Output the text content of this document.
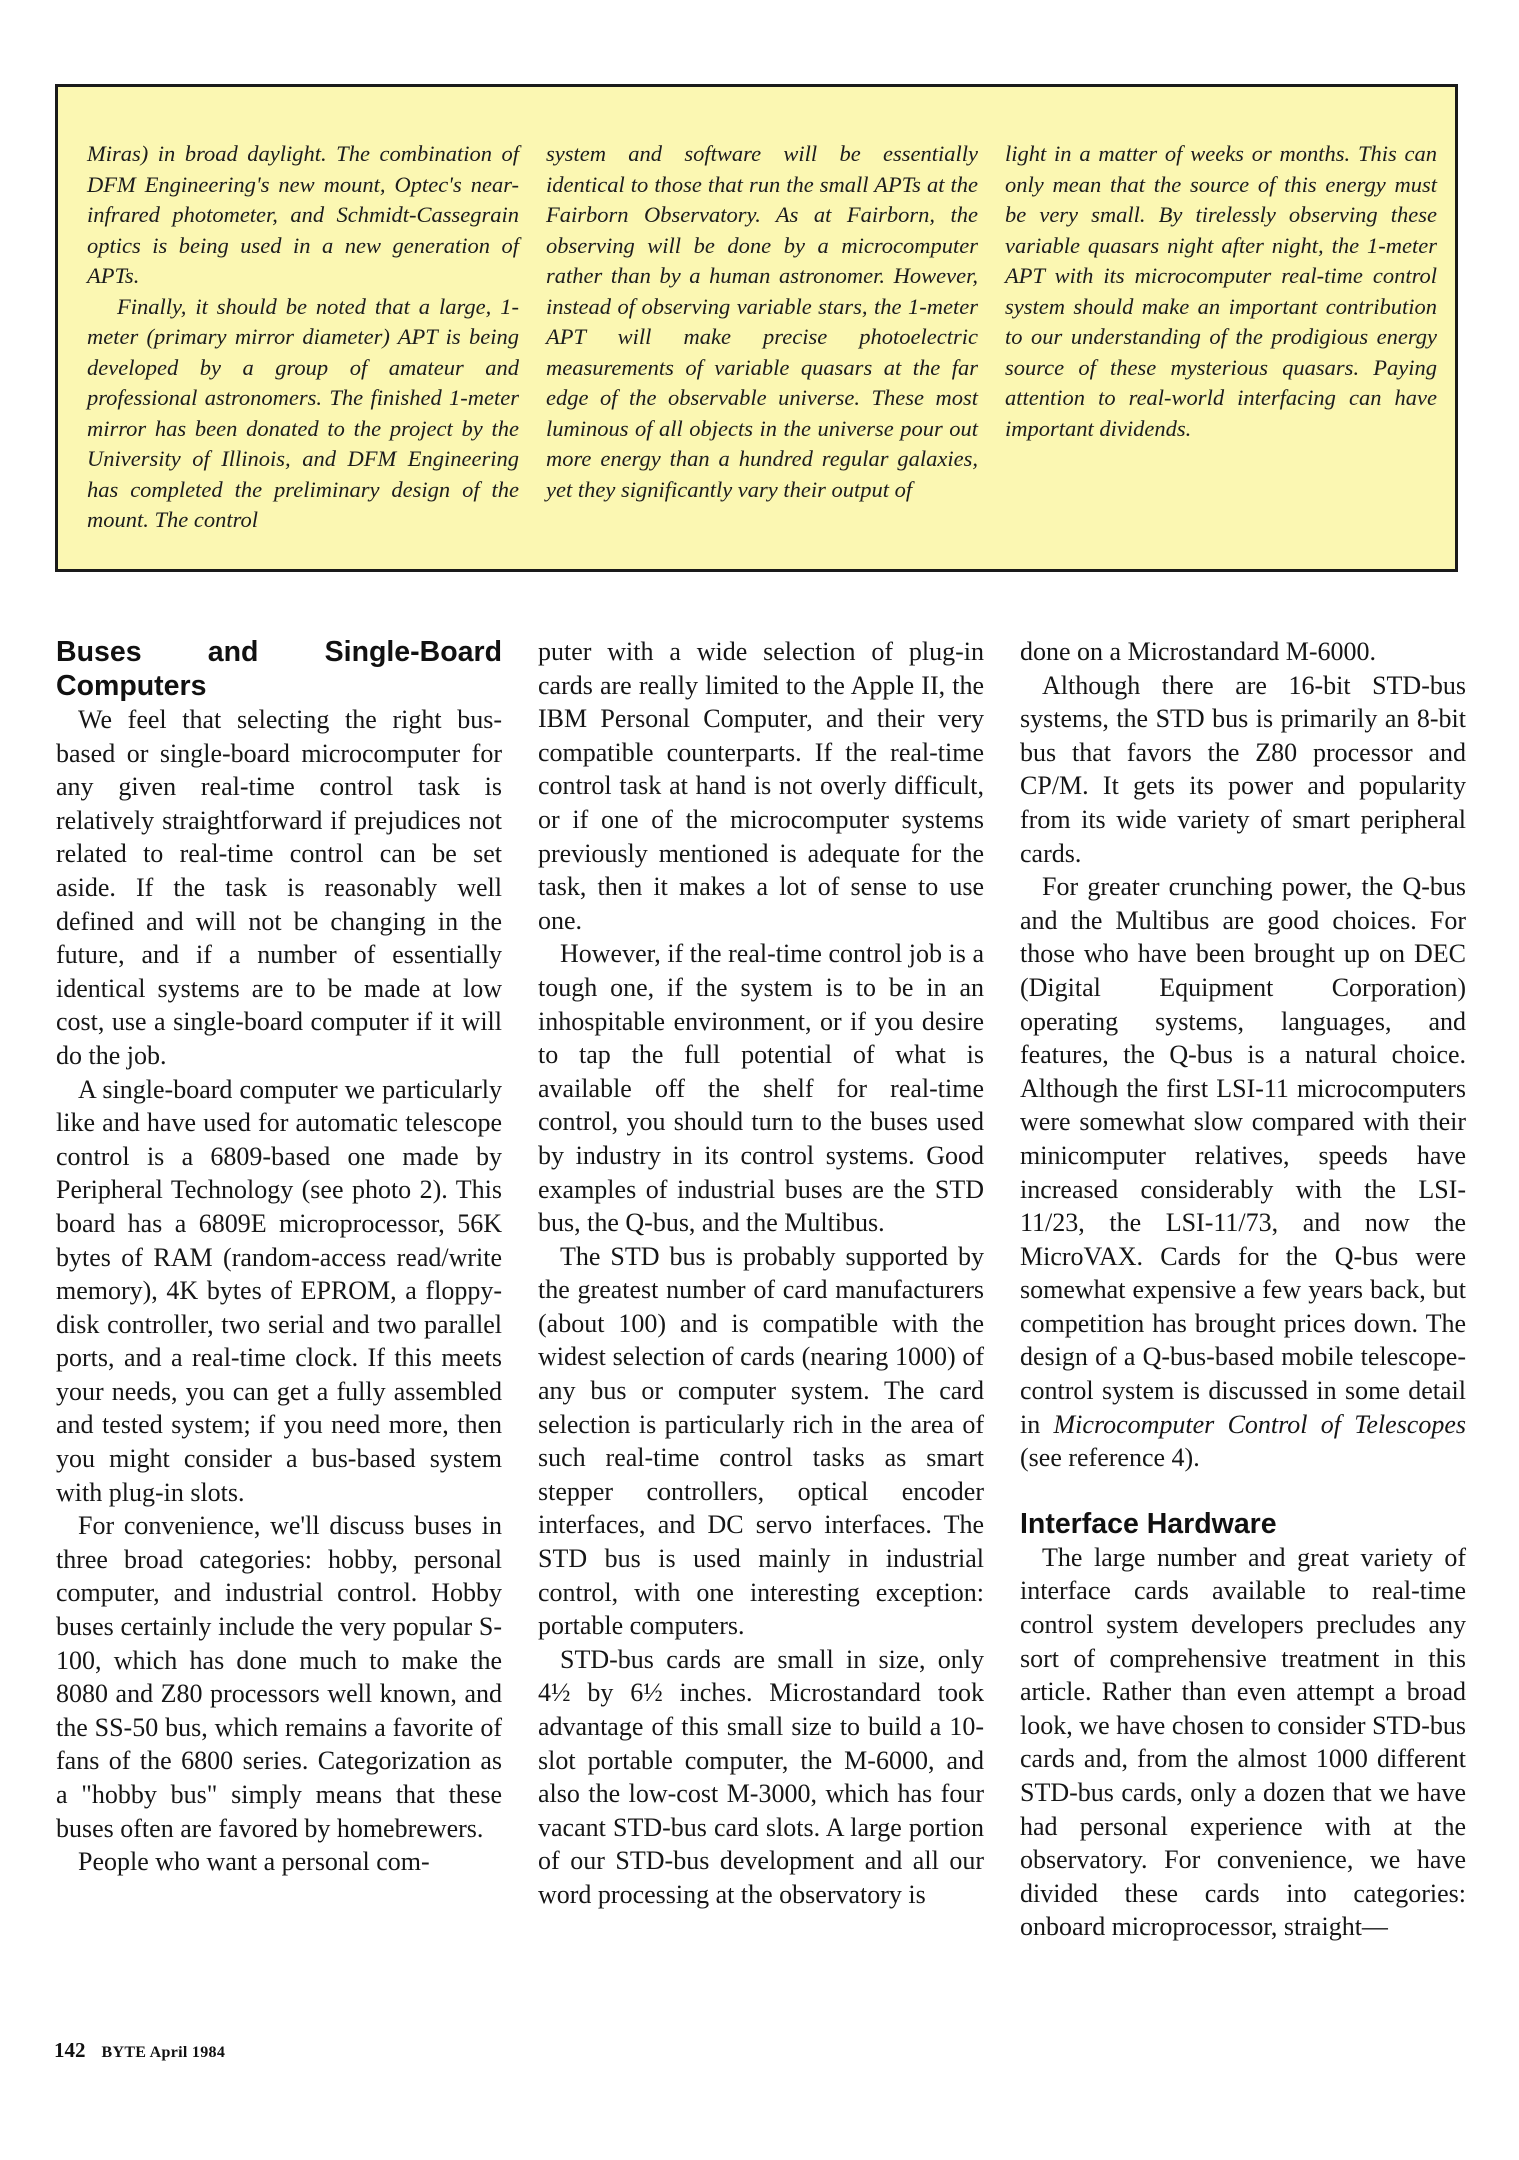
Miras) in broad daylight. The combination of DFM Engineering's new mount, Optec's near-infrared photometer, and Schmidt-Cassegrain optics is being used in a new generation of APTs.

Finally, it should be noted that a large, 1-meter (primary mirror diameter) APT is being developed by a group of amateur and professional astronomers. The finished 1-meter mirror has been donated to the project by the University of Illinois, and DFM Engineering has completed the preliminary design of the mount. The control

system and software will be essentially identical to those that run the small APTs at the Fairborn Observatory. As at Fairborn, the observing will be done by a microcomputer rather than by a human astronomer. However, instead of observing variable stars, the 1-meter APT will make precise photoelectric measurements of variable quasars at the far edge of the observable universe. These most luminous of all objects in the universe pour out more energy than a hundred regular galaxies, yet they significantly vary their output of

light in a matter of weeks or months. This can only mean that the source of this energy must be very small. By tirelessly observing these variable quasars night after night, the 1-meter APT with its microcomputer real-time control system should make an important contribution to our understanding of the prodigious energy source of these mysterious quasars. Paying attention to real-world interfacing can have important dividends.

Buses and Single-Board Computers

We feel that selecting the right bus-based or single-board microcomputer for any given real-time control task is relatively straightforward if prejudices not related to real-time control can be set aside. If the task is reasonably well defined and will not be changing in the future, and if a number of essentially identical systems are to be made at low cost, use a single-board computer if it will do the job.

A single-board computer we particularly like and have used for automatic telescope control is a 6809-based one made by Peripheral Technology (see photo 2). This board has a 6809E microprocessor, 56K bytes of RAM (random-access read/write memory), 4K bytes of EPROM, a floppy-disk controller, two serial and two parallel ports, and a real-time clock. If this meets your needs, you can get a fully assembled and tested system; if you need more, then you might consider a bus-based system with plug-in slots.

For convenience, we'll discuss buses in three broad categories: hobby, personal computer, and industrial control. Hobby buses certainly include the very popular S-100, which has done much to make the 8080 and Z80 processors well known, and the SS-50 bus, which remains a favorite of fans of the 6800 series. Categorization as a "hobby bus" simply means that these buses often are favored by homebrewers.

People who want a personal com-

puter with a wide selection of plug-in cards are really limited to the Apple II, the IBM Personal Computer, and their very compatible counterparts. If the real-time control task at hand is not overly difficult, or if one of the microcomputer systems previously mentioned is adequate for the task, then it makes a lot of sense to use one.

However, if the real-time control job is a tough one, if the system is to be in an inhospitable environment, or if you desire to tap the full potential of what is available off the shelf for real-time control, you should turn to the buses used by industry in its control systems. Good examples of industrial buses are the STD bus, the Q-bus, and the Multibus.

The STD bus is probably supported by the greatest number of card manufacturers (about 100) and is compatible with the widest selection of cards (nearing 1000) of any bus or computer system. The card selection is particularly rich in the area of such real-time control tasks as smart stepper controllers, optical encoder interfaces, and DC servo interfaces. The STD bus is used mainly in industrial control, with one interesting exception: portable computers.

STD-bus cards are small in size, only 4½ by 6½ inches. Microstandard took advantage of this small size to build a 10-slot portable computer, the M-6000, and also the low-cost M-3000, which has four vacant STD-bus card slots. A large portion of our STD-bus development and all our word processing at the observatory is

done on a Microstandard M-6000.

Although there are 16-bit STD-bus systems, the STD bus is primarily an 8-bit bus that favors the Z80 processor and CP/M. It gets its power and popularity from its wide variety of smart peripheral cards.

For greater crunching power, the Q-bus and the Multibus are good choices. For those who have been brought up on DEC (Digital Equipment Corporation) operating systems, languages, and features, the Q-bus is a natural choice. Although the first LSI-11 microcomputers were somewhat slow compared with their minicomputer relatives, speeds have increased considerably with the LSI-11/23, the LSI-11/73, and now the MicroVAX. Cards for the Q-bus were somewhat expensive a few years back, but competition has brought prices down. The design of a Q-bus-based mobile telescope-control system is discussed in some detail in Microcomputer Control of Telescopes (see reference 4).

Interface Hardware

The large number and great variety of interface cards available to real-time control system developers precludes any sort of comprehensive treatment in this article. Rather than even attempt a broad look, we have chosen to consider STD-bus cards and, from the almost 1000 different STD-bus cards, only a dozen that we have had personal experience with at the observatory. For convenience, we have divided these cards into categories: onboard microprocessor, straight—

142 BYTE April 1984
